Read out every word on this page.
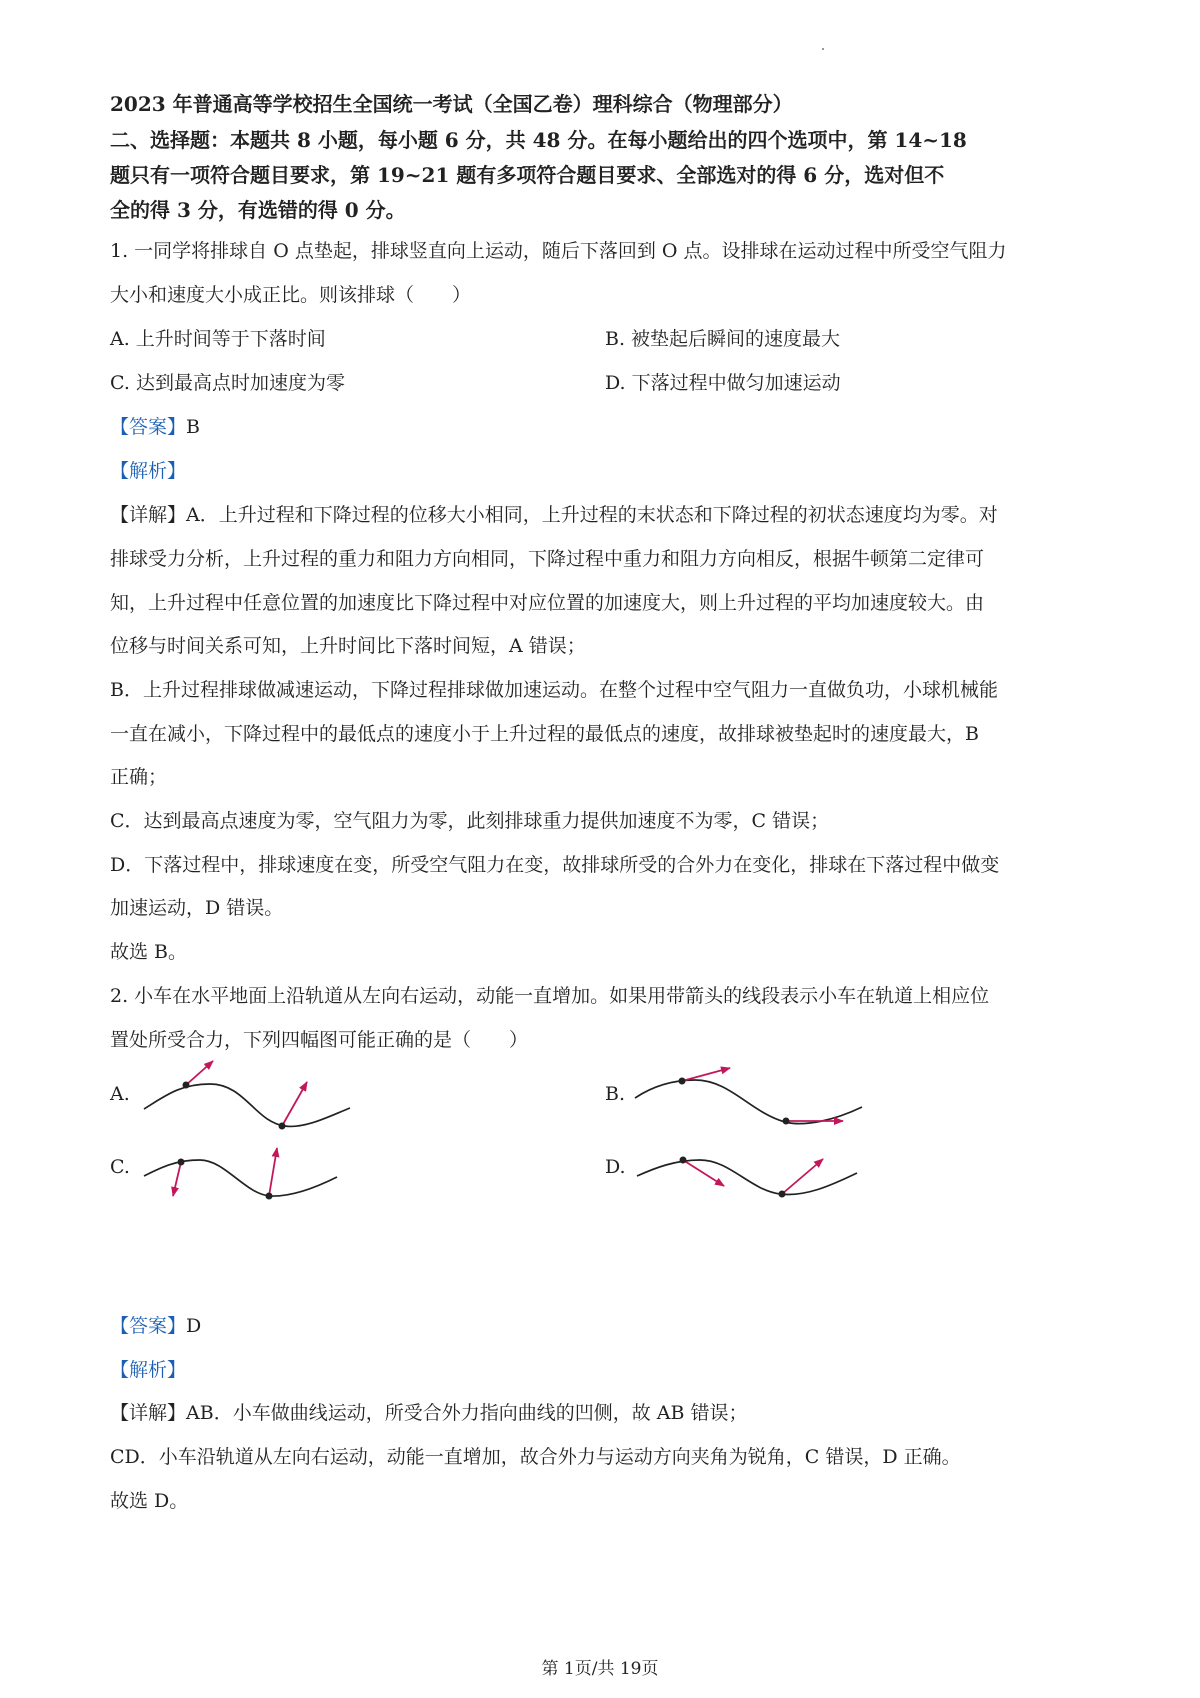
2023 年普通高等学校招生全国统一考试（全国乙卷）理科综合（物理部分）
二、选择题：本题共 8 小题，每小题 6 分，共 48 分。在每小题给出的四个选项中，第 14~18
题只有一项符合题目要求，第 19~21 题有多项符合题目要求、全部选对的得 6 分，选对但不
全的得 3 分，有选错的得 0 分。
1. 一同学将排球自 O 点垫起，排球竖直向上运动，随后下落回到 O 点。设排球在运动过程中所受空气阻力
大小和速度大小成正比。则该排球（　　）
A. 上升时间等于下落时间	B. 被垫起后瞬间的速度最大
C. 达到最高点时加速度为零	D. 下落过程中做匀加速运动
【答案】B
【解析】
【详解】A．上升过程和下降过程的位移大小相同，上升过程的末状态和下降过程的初状态速度均为零。对
排球受力分析，上升过程的重力和阻力方向相同，下降过程中重力和阻力方向相反，根据牛顿第二定律可
知，上升过程中任意位置的加速度比下降过程中对应位置的加速度大，则上升过程的平均加速度较大。由
位移与时间关系可知，上升时间比下落时间短，A 错误；
B．上升过程排球做减速运动，下降过程排球做加速运动。在整个过程中空气阻力一直做负功，小球机械能
一直在减小，下降过程中的最低点的速度小于上升过程的最低点的速度，故排球被垫起时的速度最大，B
正确；
C．达到最高点速度为零，空气阻力为零，此刻排球重力提供加速度不为零，C 错误；
D．下落过程中，排球速度在变，所受空气阻力在变，故排球所受的合外力在变化，排球在下落过程中做变
加速运动，D 错误。
故选 B。
2. 小车在水平地面上沿轨道从左向右运动，动能一直增加。如果用带箭头的线段表示小车在轨道上相应位
置处所受合力，下列四幅图可能正确的是（　　）
A.	B.
C.	D.
【答案】D
【解析】
【详解】AB．小车做曲线运动，所受合外力指向曲线的凹侧，故 AB 错误；
CD．小车沿轨道从左向右运动，动能一直增加，故合外力与运动方向夹角为锐角，C 错误，D 正确。
故选 D。
第 1页/共 19页
